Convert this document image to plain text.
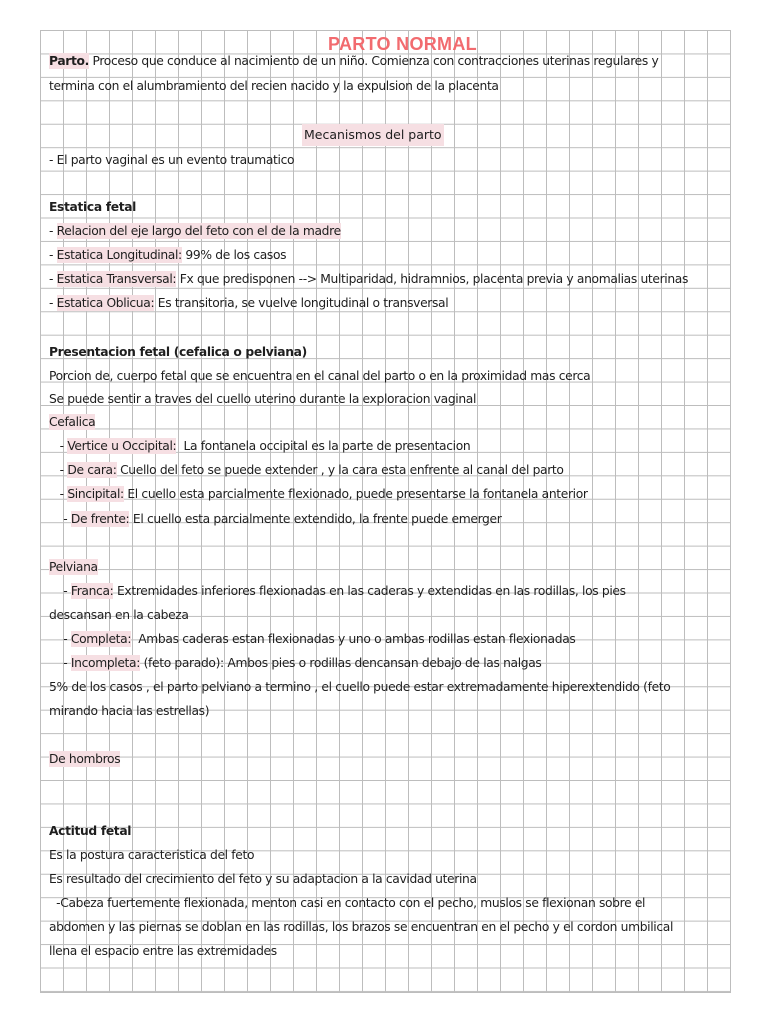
PARTO NORMAL
Parto. Proceso que conduce al nacimiento de un niño. Comienza con contracciones uterinas regulares y
termina con el alumbramiento del recien nacido y la expulsion de la placenta
Mecanismos del parto
- El parto vaginal es un evento traumatico
Estatica fetal
- Relacion del eje largo del feto con el de la madre
- Estatica Longitudinal: 99% de los casos
- Estatica Transversal: Fx que predisponen --> Multiparidad, hidramnios, placenta previa y anomalias uterinas
- Estatica Oblicua: Es transitoria, se vuelve longitudinal o transversal
Presentacion fetal (cefalica o pelviana)
Porcion de, cuerpo fetal que se encuentra en el canal del parto o en la proximidad mas cerca
Se puede sentir a traves del cuello uterino durante la exploracion vaginal
Cefalica
- Vertice u Occipital:  La fontanela occipital es la parte de presentacion
- De cara: Cuello del feto se puede extender , y la cara esta enfrente al canal del parto
- Sincipital: El cuello esta parcialmente flexionado, puede presentarse la fontanela anterior
- De frente: El cuello esta parcialmente extendido, la frente puede emerger
Pelviana
- Franca: Extremidades inferiores flexionadas en las caderas y extendidas en las rodillas, los pies
descansan en la cabeza
- Completa:  Ambas caderas estan flexionadas y uno o ambas rodillas estan flexionadas
- Incompleta: (feto parado): Ambos pies o rodillas dencansan debajo de las nalgas
5% de los casos , el parto pelviano a termino , el cuello puede estar extremadamente hiperextendido (feto
mirando hacia las estrellas)
De hombros
Actitud fetal
Es la postura caracteristica del feto
Es resultado del crecimiento del feto y su adaptacion a la cavidad uterina
-Cabeza fuertemente flexionada, menton casi en contacto con el pecho, muslos se flexionan sobre el
abdomen y las piernas se doblan en las rodillas, los brazos se encuentran en el pecho y el cordon umbilical
llena el espacio entre las extremidades
